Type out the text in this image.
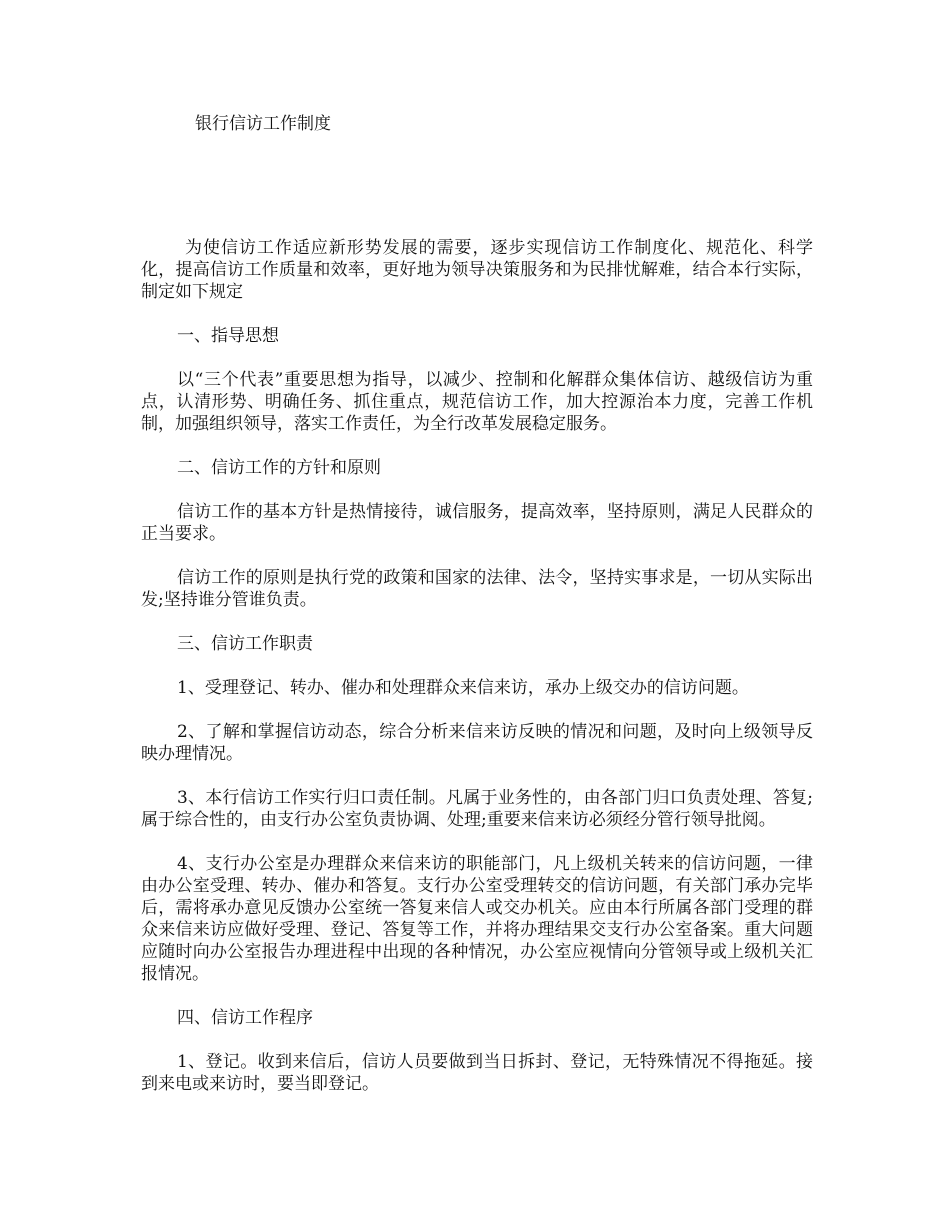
银行信访工作制度

为使信访工作适应新形势发展的需要，逐步实现信访工作制度化、规范化、科学化，提高信访工作质量和效率，更好地为领导决策服务和为民排忧解难，结合本行实际，制定如下规定

一、指导思想

以“三个代表”重要思想为指导，以减少、控制和化解群众集体信访、越级信访为重点，认清形势、明确任务、抓住重点，规范信访工作，加大控源治本力度，完善工作机制，加强组织领导，落实工作责任，为全行改革发展稳定服务。

二、信访工作的方针和原则

信访工作的基本方针是热情接待，诚信服务，提高效率，坚持原则，满足人民群众的正当要求。

信访工作的原则是执行党的政策和国家的法律、法令，坚持实事求是，一切从实际出发;坚持谁分管谁负责。

三、信访工作职责

1、受理登记、转办、催办和处理群众来信来访，承办上级交办的信访问题。

2、了解和掌握信访动态，综合分析来信来访反映的情况和问题，及时向上级领导反映办理情况。

3、本行信访工作实行归口责任制。凡属于业务性的，由各部门归口负责处理、答复;属于综合性的，由支行办公室负责协调、处理;重要来信来访必须经分管行领导批阅。

4、支行办公室是办理群众来信来访的职能部门，凡上级机关转来的信访问题，一律由办公室受理、转办、催办和答复。支行办公室受理转交的信访问题，有关部门承办完毕后，需将承办意见反馈办公室统一答复来信人或交办机关。应由本行所属各部门受理的群众来信来访应做好受理、登记、答复等工作，并将办理结果交支行办公室备案。重大问题应随时向办公室报告办理进程中出现的各种情况，办公室应视情向分管领导或上级机关汇报情况。

四、信访工作程序

1、登记。收到来信后，信访人员要做到当日拆封、登记，无特殊情况不得拖延。接到来电或来访时，要当即登记。
